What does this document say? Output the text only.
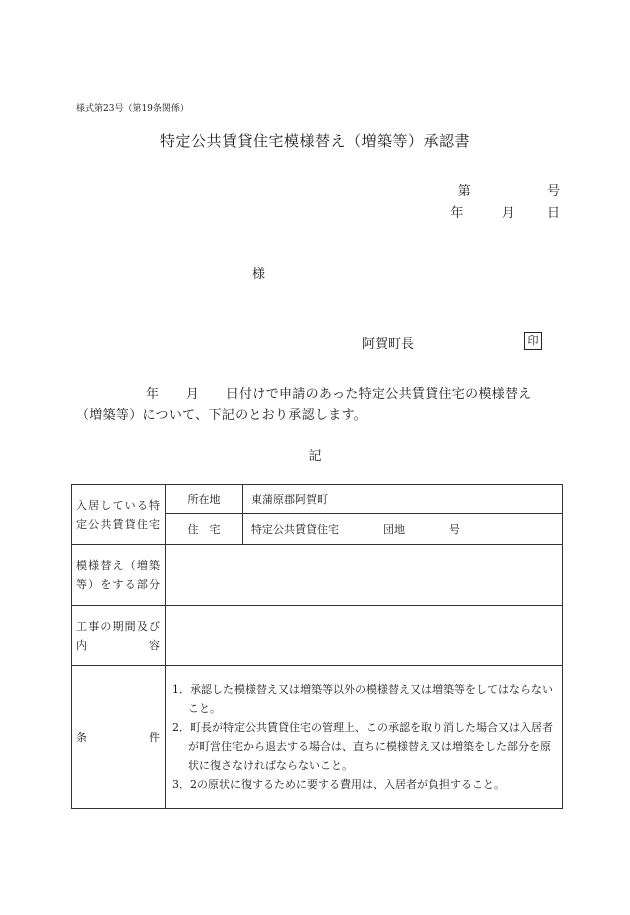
様式第23号（第19条関係）
特定公共賃貸住宅模様替え（増築等）承認書
第	号
年	月 日
様
阿賀町長	印
年　　月　　日付けで申請のあった特定公共賃貸住宅の模様替え
（増築等）について、下記のとおり承認します。
記
入居している特定公共賃貸住宅	所在地	東蒲原郡阿賀町
	住　宅	特定公共賃貸住宅　　　　団地　　　　号
模様替え（増築等）をする部分		
工事の期間及び内容		
条　　　件	1．承認した模様替え又は増築等以外の模様替え又は増築等をしてはならないこと。
2．町長が特定公共賃貸住宅の管理上、この承認を取り消した場合又は入居者が町営住宅から退去する場合は、直ちに模様替え又は増築をした部分を原状に復さなければならないこと。
3．2の原状に復するために要する費用は、入居者が負担すること。	
